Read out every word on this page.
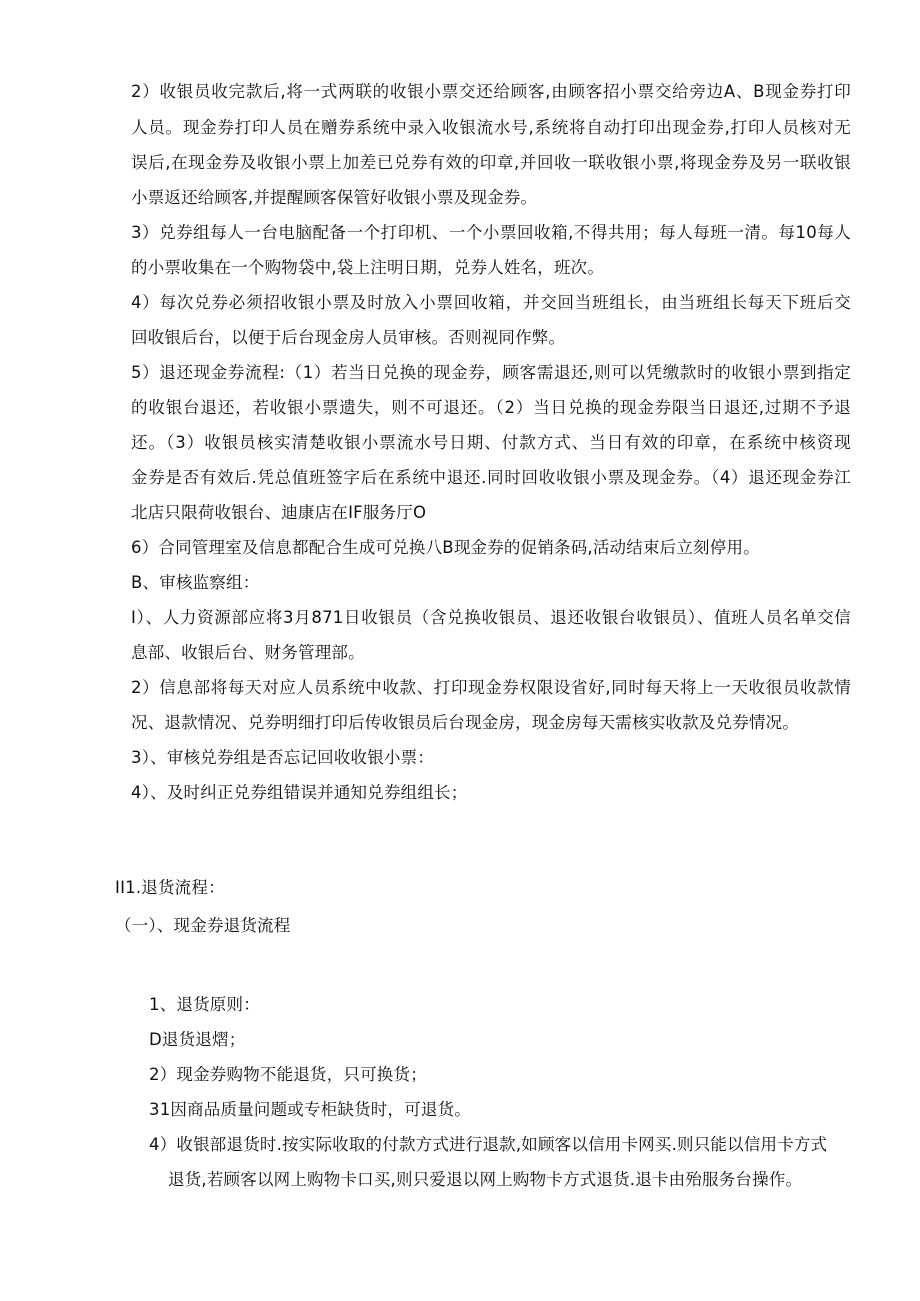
2）收银员收完款后,将一式两联的收银小票交还给顾客,由顾客招小票交给旁边A、B现金券打印
人员。现金券打印人员在赠券系统中录入收银流水号,系统将自动打印出现金券,打印人员核对无
误后,在现金券及收银小票上加差已兑券有效的印章,并回收一联收银小票,将现金券及另一联收银
小票返还给顾客,并提醒顾客保管好收银小票及现金券。
3）兑券组每人一台电脑配备一个打印机、一个小票回收箱,不得共用；每人每班一清。每10每人
的小票收集在一个购物袋中,袋上注明日期，兑券人姓名，班次。
4）每次兑券必须招收银小票及时放入小票回收箱，并交回当班组长，由当班组长每天下班后交
回收银后台，以便于后台现金房人员审核。否则视同作弊。
5）退还现金券流程:（1）若当日兑换的现金券，顾客需退还,则可以凭缴款时的收银小票到指定
的收银台退还，若收银小票遗失，则不可退还。（2）当日兑换的现金券限当日退还,过期不予退
还。（3）收银员核实清楚收银小票流水号日期、付款方式、当日有效的印章，在系统中核资现
金券是否有效后.凭总值班签字后在系统中退还.同时回收收银小票及现金券。（4）退还现金券江
北店只限荷收银台、迪康店在IF服务厅O
6）合同管理室及信息都配合生成可兑换八B现金券的促销条码,活动结束后立刻停用。
B、审核监察组：
I）、人力资源部应将3月871日收银员（含兑换收银员、退还收银台收银员）、值班人员名单交信
息部、收银后台、财务管理部。
2）信息部将每天对应人员系统中收款、打印现金券权限设省好,同时每天将上一天收很员收款情
况、退款情况、兑券明细打印后传收银员后台现金房，现金房每天需核实收款及兑券情况。
3）、审核兑券组是否忘记回收收银小票：
4）、及时纠正兑券组错误并通知兑券组组长；
II1.退货流程：
（一）、现金券退货流程
1、退货原则：
D退货退熠；
2）现金券购物不能退货，只可换货；
31因商品质量问题或专柜缺货时，可退货。
4）收银部退货时.按实际收取的付款方式进行退款,如顾客以信用卡网买.则只能以信用卡方式
退货,若顾客以网上购物卡口买,则只爱退以网上购物卡方式退货.退卡由殆服务台操作。
